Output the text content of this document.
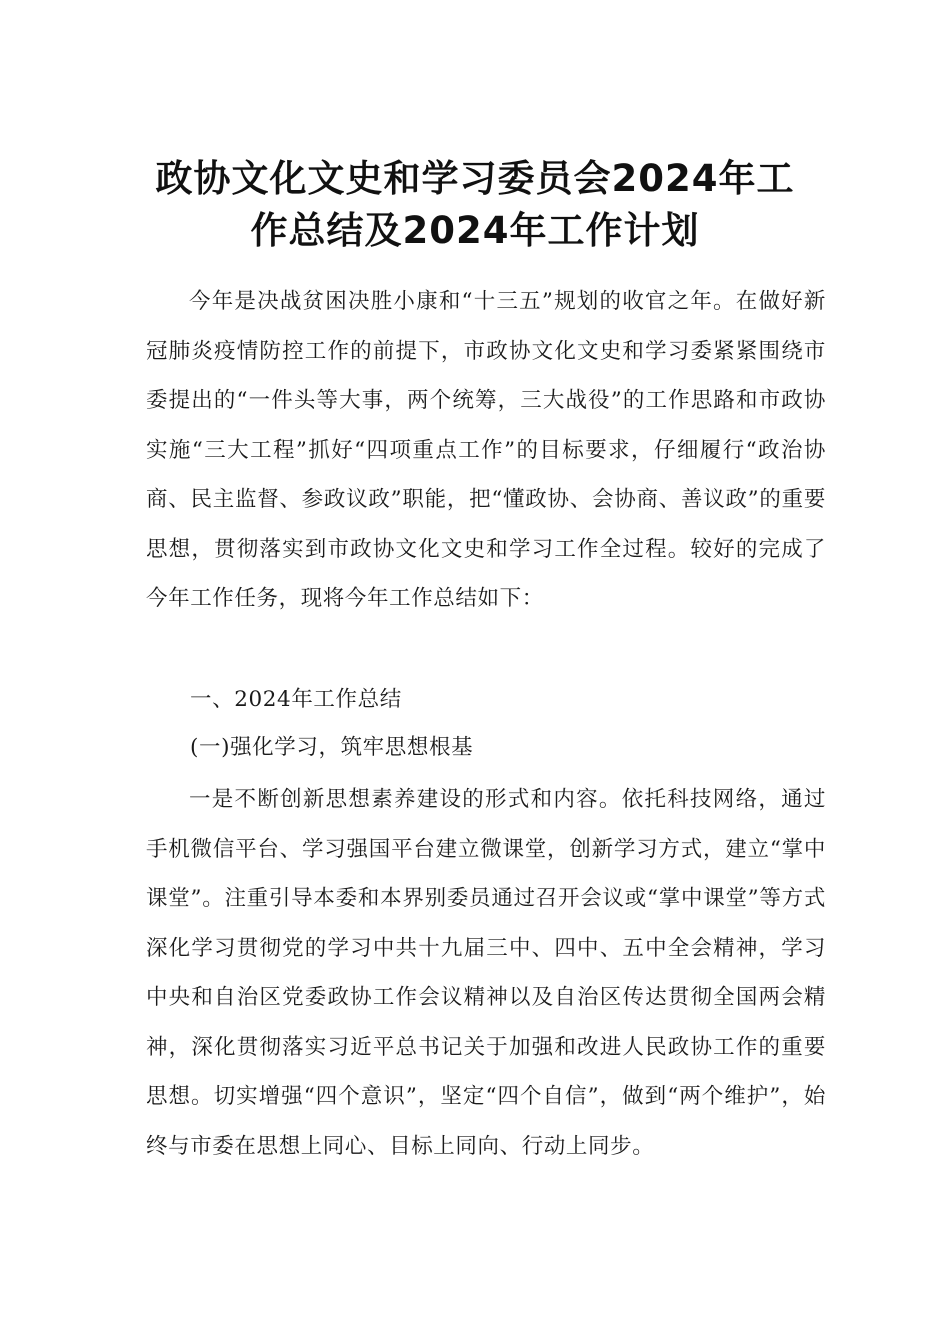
政协文化文史和学习委员会2024年工
作总结及2024年工作计划

今年是决战贫困决胜小康和“十三五”规划的收官之年。在做好新冠肺炎疫情防控工作的前提下，市政协文化文史和学习委紧紧围绕市委提出的“一件头等大事，两个统筹，三大战役”的工作思路和市政协实施“三大工程”抓好“四项重点工作”的目标要求，仔细履行“政治协商、民主监督、参政议政”职能，把“懂政协、会协商、善议政”的重要思想，贯彻落实到市政协文化文史和学习工作全过程。较好的完成了今年工作任务，现将今年工作总结如下：

一、2024年工作总结

(一)强化学习，筑牢思想根基

一是不断创新思想素养建设的形式和内容。依托科技网络，通过手机微信平台、学习强国平台建立微课堂，创新学习方式，建立“掌中课堂”。注重引导本委和本界别委员通过召开会议或“掌中课堂”等方式深化学习贯彻党的学习中共十九届三中、四中、五中全会精神，学习中央和自治区党委政协工作会议精神以及自治区传达贯彻全国两会精神，深化贯彻落实习近平总书记关于加强和改进人民政协工作的重要思想。切实增强“四个意识”，坚定“四个自信”，做到“两个维护”，始终与市委在思想上同心、目标上同向、行动上同步。
